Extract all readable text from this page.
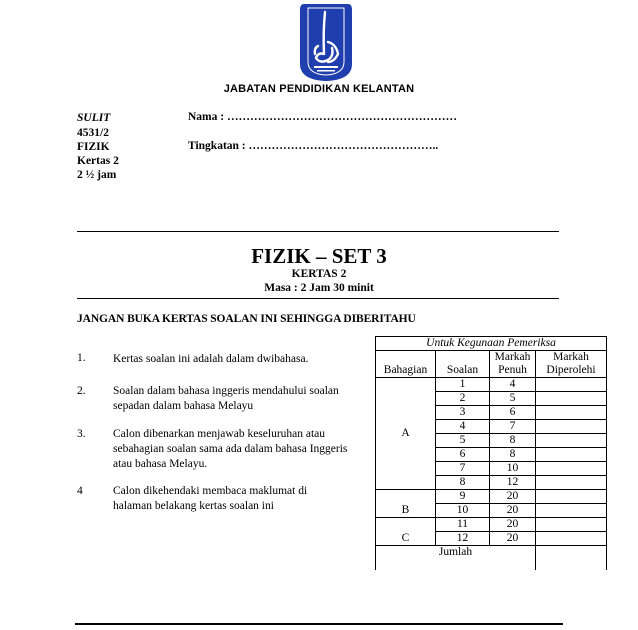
JABATAN PENDIDIKAN KELANTAN
SULIT
4531/2
FIZIK
Kertas 2
2 ½ jam
Nama : ……………………………………………………
Tingkatan : …………………………………………..
FIZIK – SET 3
KERTAS 2
Masa : 2 Jam 30 minit
JANGAN BUKA KERTAS SOALAN INI SEHINGGA DIBERITAHU
1. Kertas soalan ini adalah dalam dwibahasa.
2. Soalan dalam bahasa inggeris mendahului soalan sepadan dalam bahasa Melayu
3. Calon dibenarkan menjawab keseluruhan atau sebahagian soalan sama ada dalam bahasa Inggeris atau bahasa Melayu.
4	Calon dikehendaki membaca maklumat di halaman belakang kertas soalan ini
Untuk Kegunaan Pemeriksa			
Bahagian	Soalan	Markah Penuh	Markah Diperolehi
A	1	4	
	2	5	
	3	6	
	4	7	
	5	8	
	6	8	
	7	10	
	8	12	
B	9	20	
	10	20	
C	11	20	
	12	20	
Jumlah			
